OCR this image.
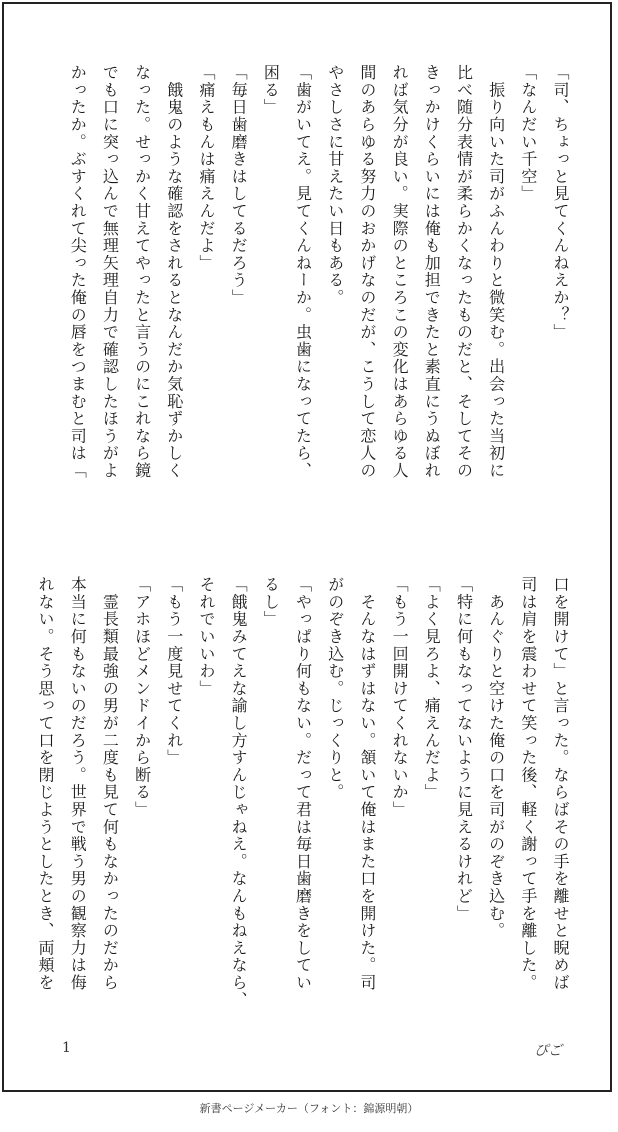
「司、ちょっと見てくんねえか？」
「なんだい千空」
　振り向いた司がふんわりと微笑む。出会った当初に
比べ随分表情が柔らかくなったものだと、そしてその
きっかけくらいには俺も加担できたと素直にうぬぼれ
れば気分が良い。実際のところこの変化はあらゆる人
間のあらゆる努力のおかげなのだが、こうして恋人の
やさしさに甘えたい日もある。
「歯がいてえ。見てくんねーか。虫歯になってたら、
困る」
「毎日歯磨きはしてるだろう」
「痛えもんは痛えんだよ」
　餓鬼のような確認をされるとなんだか気恥ずかしく
なった。せっかく甘えてやったと言うのにこれなら鏡
でも口に突っ込んで無理矢理自力で確認したほうがよ
かったか。ぶすくれて尖った俺の唇をつまむと司は「
口を開けて」と言った。ならばその手を離せと睨めば
司は肩を震わせて笑った後、軽く謝って手を離した。
　あんぐりと空けた俺の口を司がのぞき込む。
「特に何もなってないように見えるけれど」
「よく見ろよ、痛えんだよ」
「もう一回開けてくれないか」
　そんなはずはない。頷いて俺はまた口を開けた。司
がのぞき込む。じっくりと。
「やっぱり何もない。だって君は毎日歯磨きをしてい
るし」
「餓鬼みてえな諭し方すんじゃねえ。なんもねえなら、
それでいいわ」
「もう一度見せてくれ」
「アホほどメンドイから断る」
　霊長類最強の男が二度も見て何もなかったのだから
本当に何もないのだろう。世界で戦う男の観察力は侮
れない。そう思って口を閉じようとしたとき、両頬を
1	ぴご
新書ページメーカー（フォント：錦源明朝）
